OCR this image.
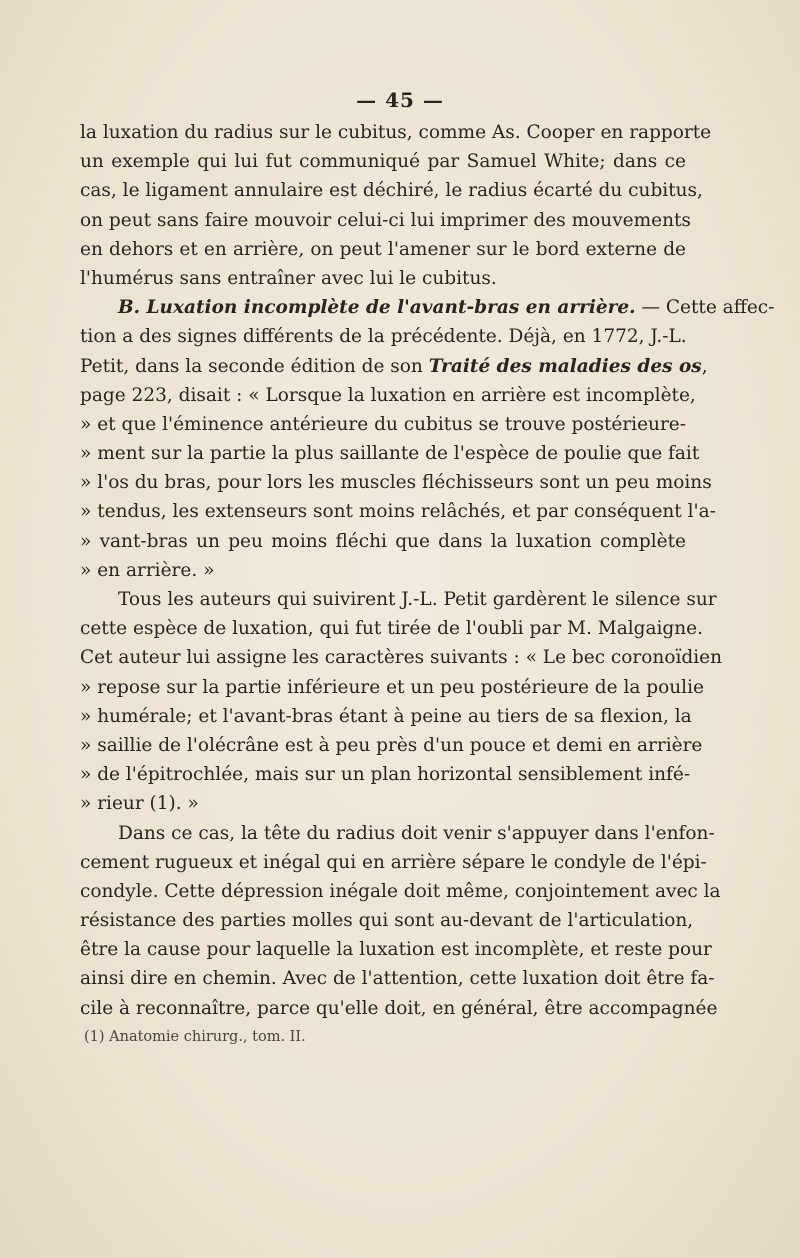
— 45 —
la luxation du radius sur le cubitus, comme As. Cooper en rapporte
un exemple qui lui fut communiqué par Samuel White; dans ce
cas, le ligament annulaire est déchiré, le radius écarté du cubitus,
on peut sans faire mouvoir celui-ci lui imprimer des mouvements
en dehors et en arrière, on peut l'amener sur le bord externe de
l'humérus sans entraîner avec lui le cubitus.
B. Luxation incomplète de l'avant-bras en arrière. — Cette affec-
tion a des signes différents de la précédente. Déjà, en 1772, J.-L.
Petit, dans la seconde édition de son Traité des maladies des os,
page 223, disait : « Lorsque la luxation en arrière est incomplète,
» et que l'éminence antérieure du cubitus se trouve postérieure-
» ment sur la partie la plus saillante de l'espèce de poulie que fait
» l'os du bras, pour lors les muscles fléchisseurs sont un peu moins
» tendus, les extenseurs sont moins relâchés, et par conséquent l'a-
» vant-bras un peu moins fléchi que dans la luxation complète
» en arrière. »
Tous les auteurs qui suivirent J.-L. Petit gardèrent le silence sur
cette espèce de luxation, qui fut tirée de l'oubli par M. Malgaigne.
Cet auteur lui assigne les caractères suivants : « Le bec coronoïdien
» repose sur la partie inférieure et un peu postérieure de la poulie
» humérale; et l'avant-bras étant à peine au tiers de sa flexion, la
» saillie de l'olécrâne est à peu près d'un pouce et demi en arrière
» de l'épitrochlée, mais sur un plan horizontal sensiblement infé-
» rieur (1). »
Dans ce cas, la tête du radius doit venir s'appuyer dans l'enfon-
cement rugueux et inégal qui en arrière sépare le condyle de l'épi-
condyle. Cette dépression inégale doit même, conjointement avec la
résistance des parties molles qui sont au-devant de l'articulation,
être la cause pour laquelle la luxation est incomplète, et reste pour
ainsi dire en chemin. Avec de l'attention, cette luxation doit être fa-
cile à reconnaître, parce qu'elle doit, en général, être accompagnée
(1) Anatomie chirurg., tom. II.
